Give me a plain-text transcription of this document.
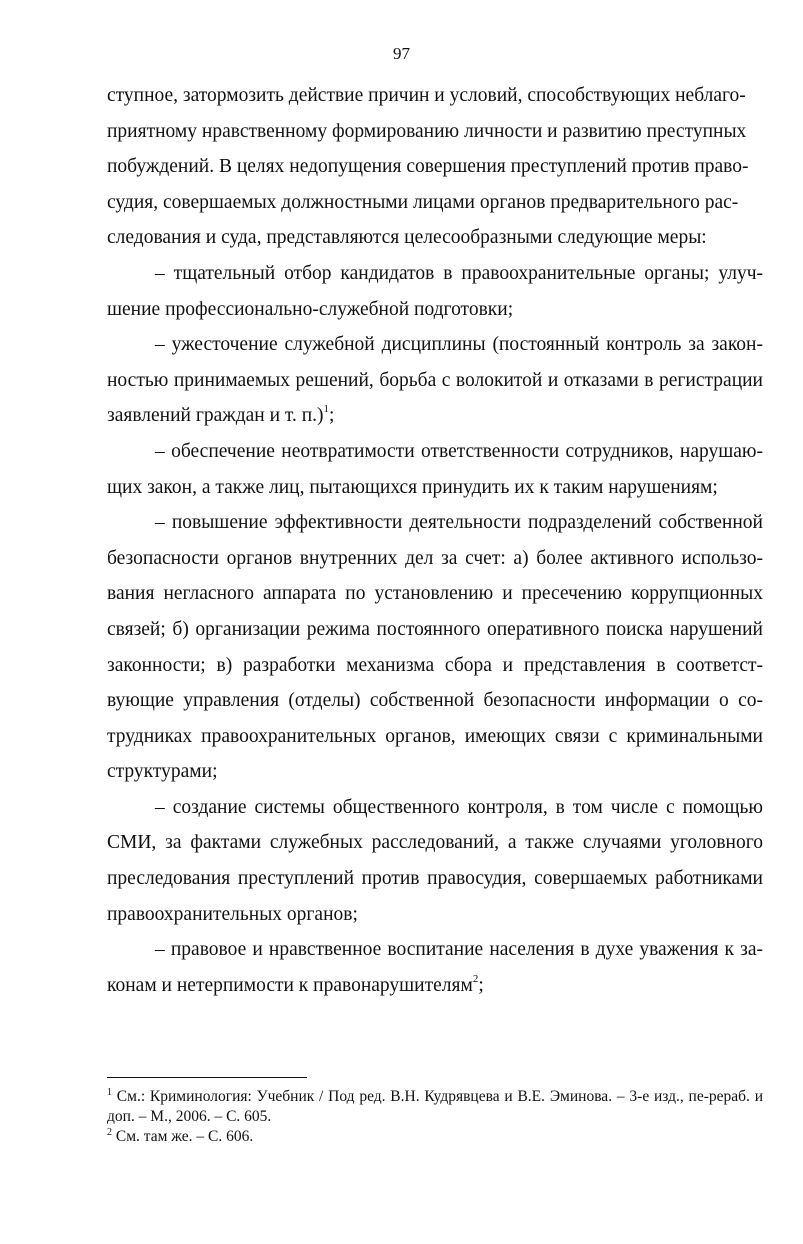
97

ступное, затормозить действие причин и условий, способствующих неблаго-
приятному нравственному формированию личности и развитию преступных
побуждений. В целях недопущения совершения преступлений против право-
судия, совершаемых должностными лицами органов предварительного рас-
следования и суда, представляются целесообразными следующие меры:

– тщательный отбор кандидатов в правоохранительные органы; улуч-шение профессионально-служебной подготовки;

– ужесточение служебной дисциплины (постоянный контроль за закон-ностью принимаемых решений, борьба с волокитой и отказами в регистрации заявлений граждан и т. п.)$^1$;

– обеспечение неотвратимости ответственности сотрудников, нарушаю-щих закон, а также лиц, пытающихся принудить их к таким нарушениям;

– повышение эффективности деятельности подразделений собственной безопасности органов внутренних дел за счет: а) более активного использо-вания негласного аппарата по установлению и пресечению коррупционных связей; б) организации режима постоянного оперативного поиска нарушений законности; в) разработки механизма сбора и представления в соответст-вующие управления (отделы) собственной безопасности информации о со-трудниках правоохранительных органов, имеющих связи с криминальными структурами;

– создание системы общественного контроля, в том числе с помощью СМИ, за фактами служебных расследований, а также случаями уголовного преследования преступлений против правосудия, совершаемых работниками правоохранительных органов;

– правовое и нравственное воспитание населения в духе уважения к за-конам и нетерпимости к правонарушителям$^2$;

$^1$ См.: Криминология: Учебник / Под ред. В.Н. Кудрявцева и В.Е. Эминова. – 3-е изд., пе-рераб. и доп. – М., 2006. – С. 605.

$^2$ См. там же. – С. 606.
